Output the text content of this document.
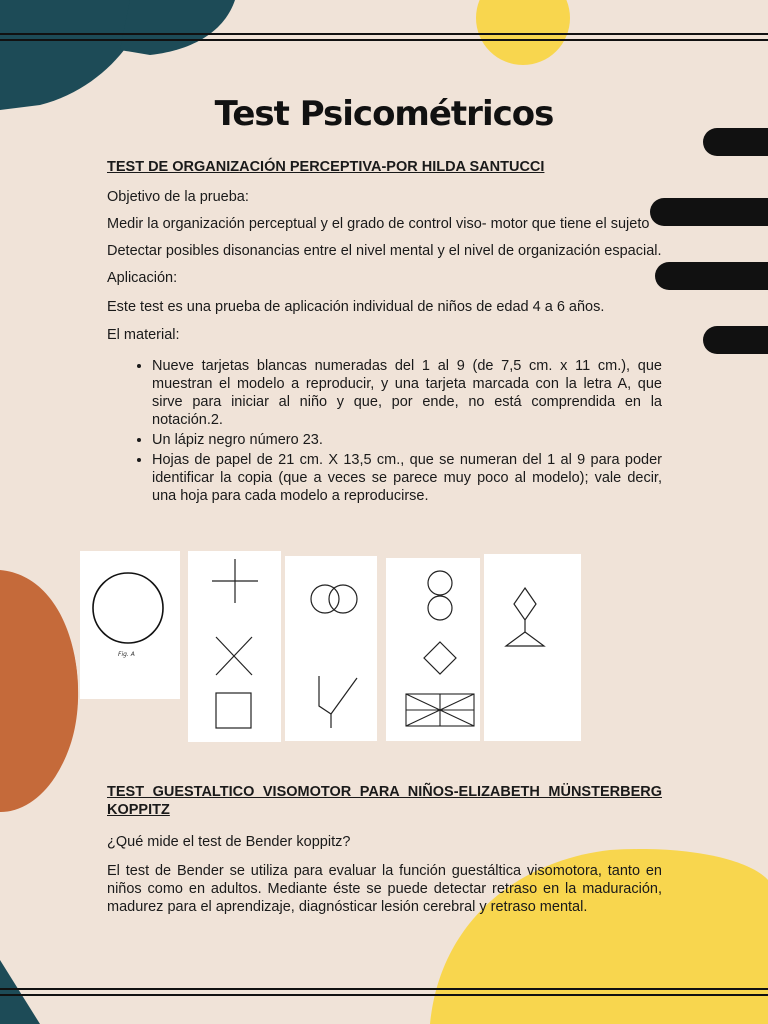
Test Psicométricos

TEST DE ORGANIZACIÓN PERCEPTIVA-POR HILDA SANTUCCI

Objetivo de la prueba:

Medir la organización perceptual y el grado de control viso- motor que tiene el sujeto

Detectar posibles disonancias entre el nivel mental y el nivel de organización espacial.

Aplicación:

Este test es una prueba de aplicación individual de niños de edad 4 a 6 años.

El material:

• Nueve tarjetas blancas numeradas del 1 al 9 (de 7,5 cm. x 11 cm.), que muestran el modelo a reproducir, y una tarjeta marcada con la letra A, que sirve para iniciar al niño y que, por ende, no está comprendida en la notación.2.
• Un lápiz negro número 23.
• Hojas de papel de 21 cm. X 13,5 cm., que se numeran del 1 al 9 para poder identificar la copia (que a veces se parece muy poco al modelo); vale decir, una hoja para cada modelo a reproducirse.
Fig. A

TEST GUESTALTICO VISOMOTOR PARA NIÑOS-ELIZABETH MÜNSTERBERG KOPPITZ

¿Qué mide el test de Bender koppitz?

El test de Bender se utiliza para evaluar la función guestáltica visomotora, tanto en niños como en adultos. Mediante éste se puede detectar retraso en la maduración, madurez para el aprendizaje, diagnósticar lesión cerebral y retraso mental.
